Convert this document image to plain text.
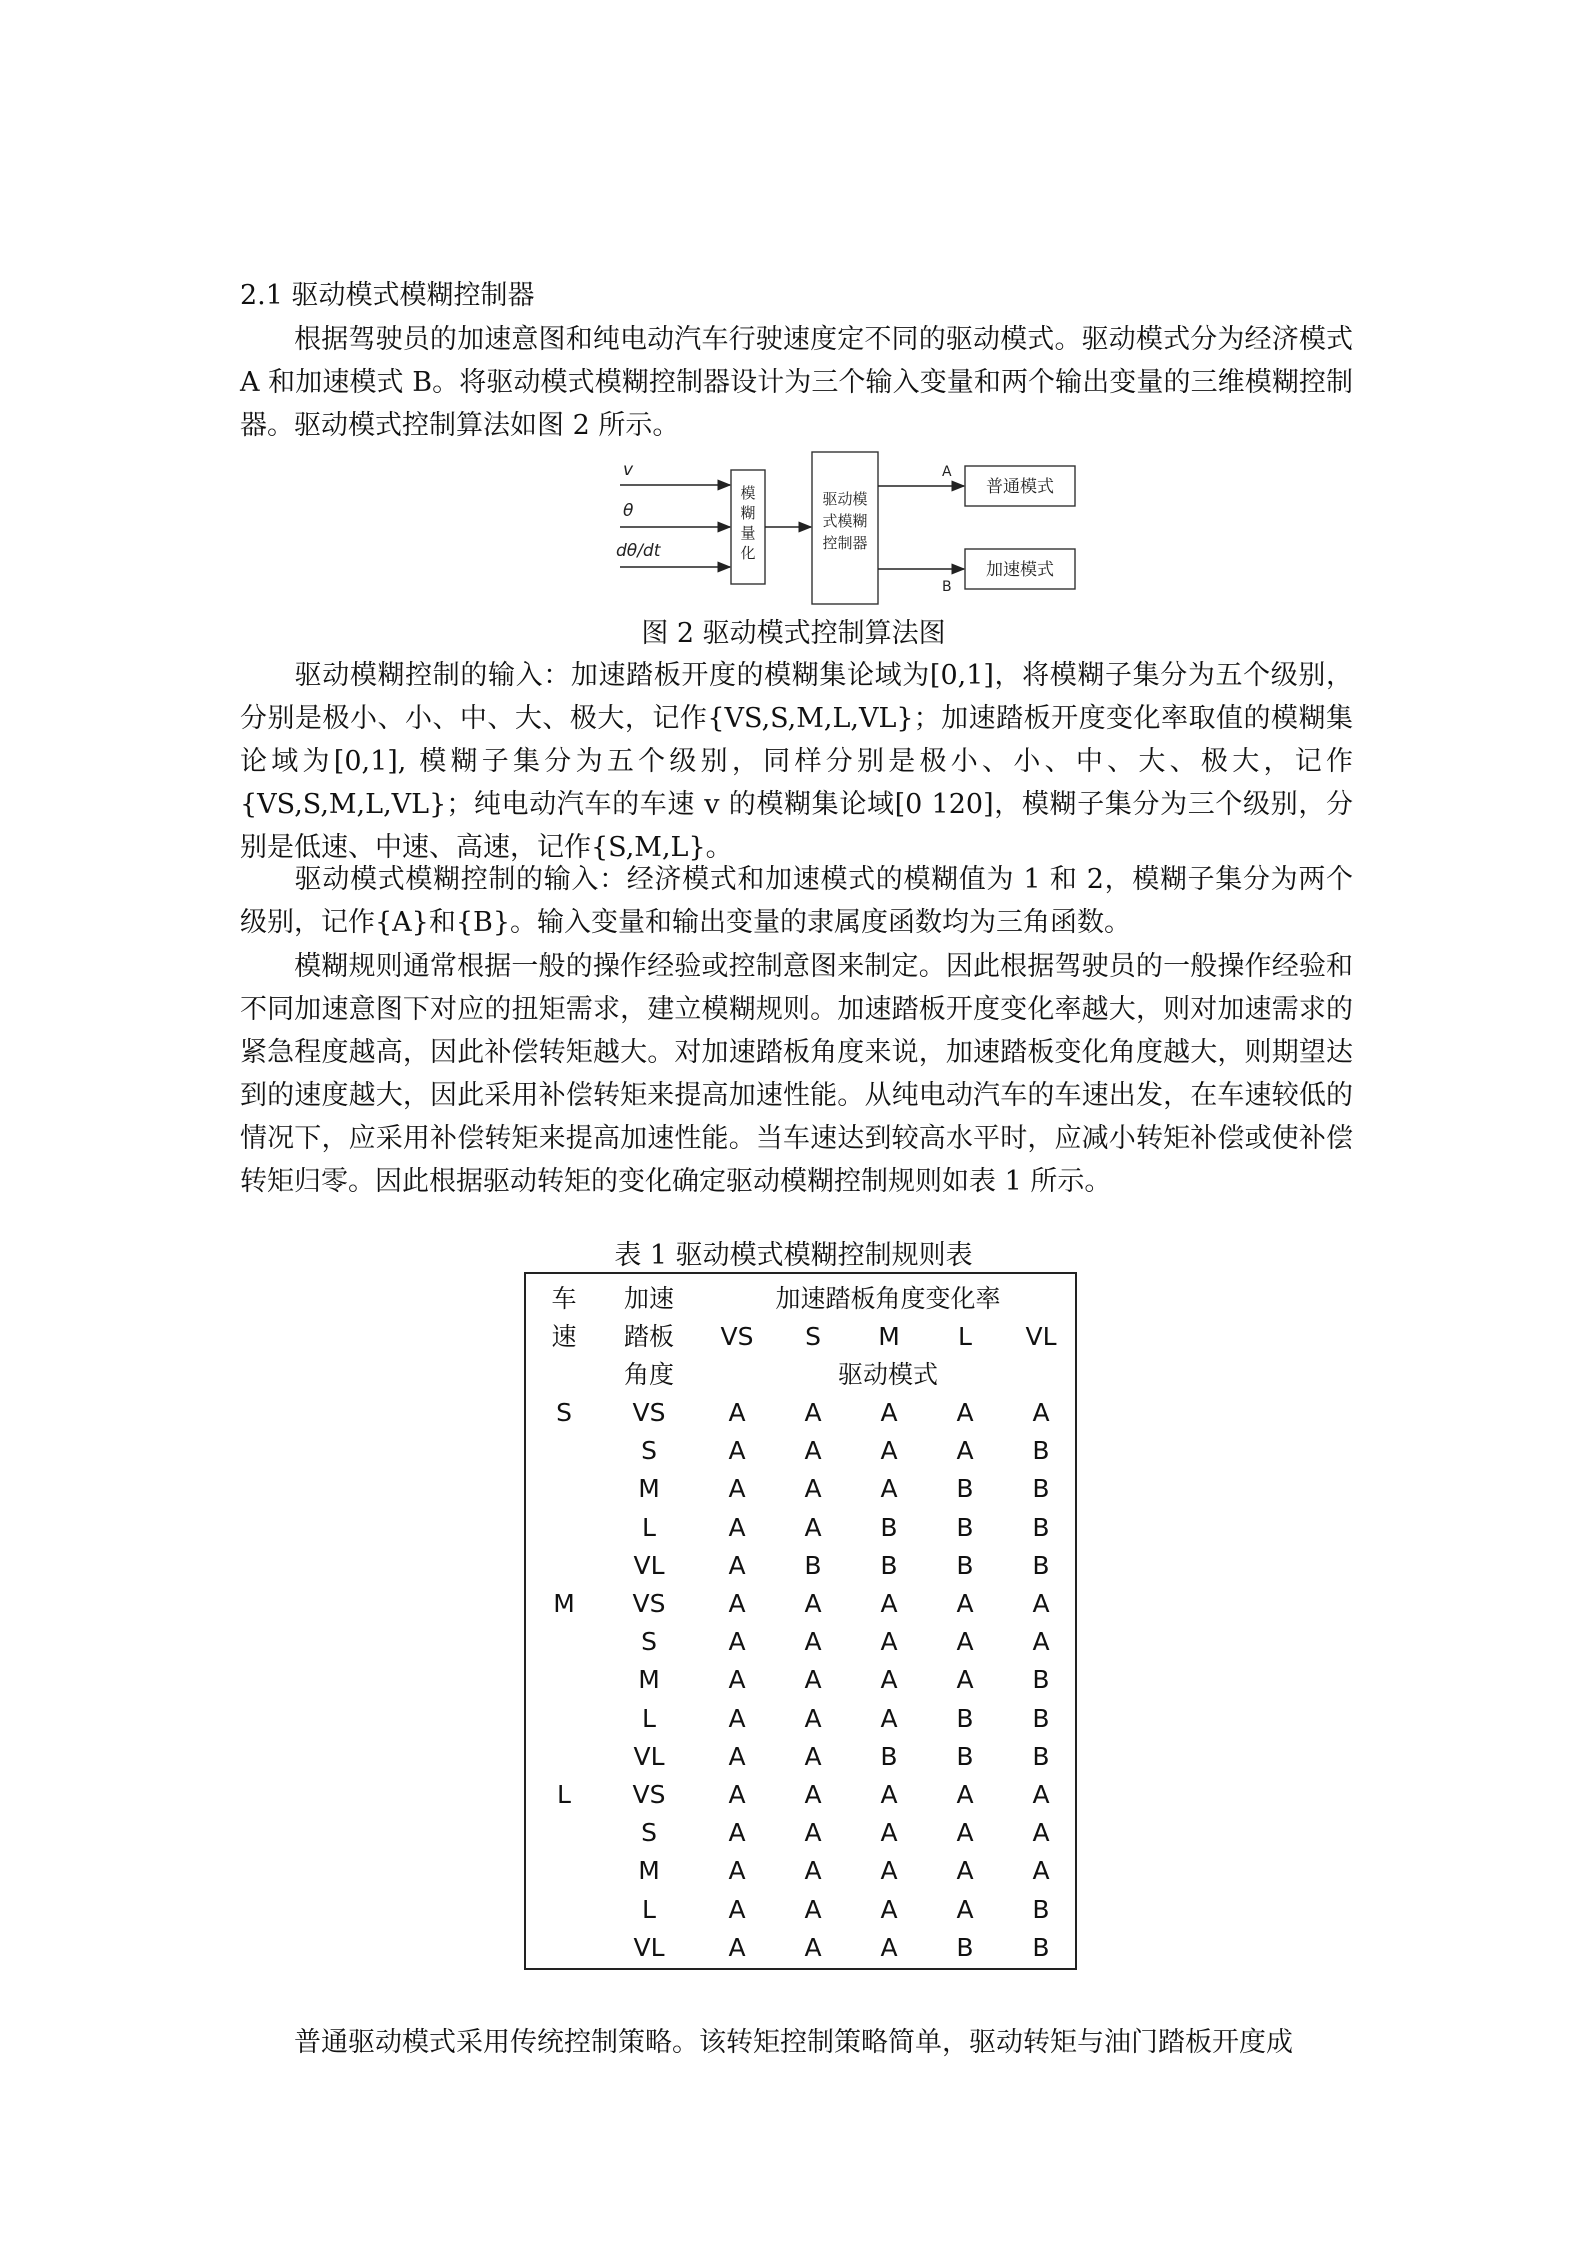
2.1 驱动模式模糊控制器
根据驾驶员的加速意图和纯电动汽车行驶速度定不同的驱动模式。驱动模式分为经济模式 A 和加速模式 B。将驱动模式模糊控制器设计为三个输入变量和两个输出变量的三维模糊控制器。驱动模式控制算法如图 2 所示。
v
θ
dθ/dt
模
糊
量
化
驱动模
式模糊
控制器
A
B
普通模式
加速模式
图 2 驱动模式控制算法图
驱动模糊控制的输入：加速踏板开度的模糊集论域为[0,1]，将模糊子集分为五个级别，分别是极小、小、中、大、极大，记作{VS,S,M,L,VL}；加速踏板开度变化率取值的模糊集论域为[0,1], 模糊子集分为五个级别，同样分别是极小、小、中、大、极大，记作{VS,S,M,L,VL}；纯电动汽车的车速 v 的模糊集论域[0 120]，模糊子集分为三个级别，分别是低速、中速、高速，记作{S,M,L}。
驱动模式模糊控制的输入：经济模式和加速模式的模糊值为 1 和 2，模糊子集分为两个级别，记作{A}和{B}。输入变量和输出变量的隶属度函数均为三角函数。
模糊规则通常根据一般的操作经验或控制意图来制定。因此根据驾驶员的一般操作经验和不同加速意图下对应的扭矩需求，建立模糊规则。加速踏板开度变化率越大，则对加速需求的紧急程度越高，因此补偿转矩越大。对加速踏板角度来说，加速踏板变化角度越大，则期望达到的速度越大，因此采用补偿转矩来提高加速性能。从纯电动汽车的车速出发，在车速较低的情况下，应采用补偿转矩来提高加速性能。当车速达到较高水平时，应减小转矩补偿或使补偿转矩归零。因此根据驱动转矩的变化确定驱动模糊控制规则如表 1 所示。
表 1 驱动模式模糊控制规则表
车
速
加速
踏板
角度
加速踏板角度变化率
VS S M L VL
驱动模式
S VS	A A A A A
S	A A A A B
M	A A A B B
L	A A B B B
VL	A B B B B
M VS	A A A A A
S	A A A A A
M	A A A A B
L	A A A B B
VL	A A B B B
L VS	A A A A A
S	A A A A A
M	A A A A A
L	A A A A B
VL	A A A B B
普通驱动模式采用传统控制策略。该转矩控制策略简单，驱动转矩与油门踏板开度成
